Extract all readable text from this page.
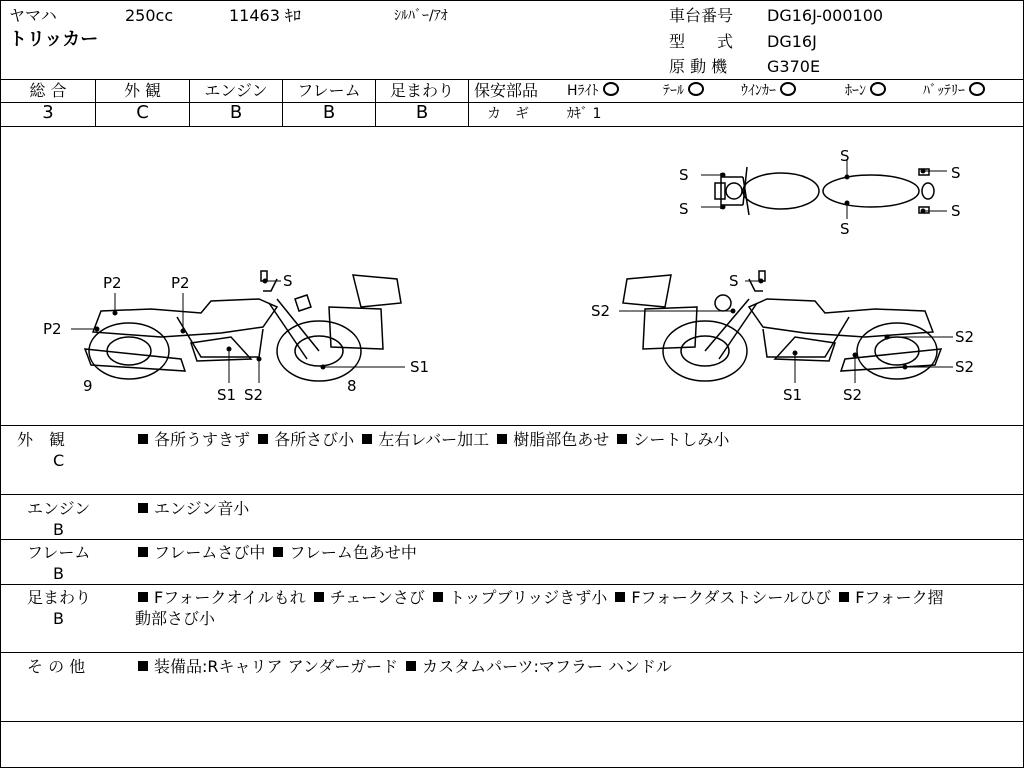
ヤマハ	250cc	11463 ｷﾛ	ｼﾙﾊﾞｰ/ｱｵ
トリッカー
車台番号 DG16J-000100
型　　式 DG16J
原 動 機 G370E
総 合	外 観	エンジン	フレーム	足まわり
3	C	B	B	B
保安部品 Hﾗｲﾄ	ﾃｰﾙ	ｳｲﾝｶｰ	ﾎｰﾝ	ﾊﾞｯﾃﾘｰ
カ　ギ	ｶｷﾞ 1
S
S
S
S
S
S
P2	P2
P2
S
S1 S2
S1
9	8
S
S2
S2
S2
S1	S2
外　観
C
各所うすきず 各所さび小 左右レバー加工 樹脂部色あせ シートしみ小
エンジン
B
エンジン音小
フレーム
B
フレームさび中 フレーム色あせ中
足まわり
B
Fフォークオイルもれ チェーンさび トップブリッジきず小 Fフォークダストシールひび Fフォーク摺
動部さび小
そ の 他	装備品:Rキャリア アンダーガード カスタムパーツ:マフラー ハンドル
